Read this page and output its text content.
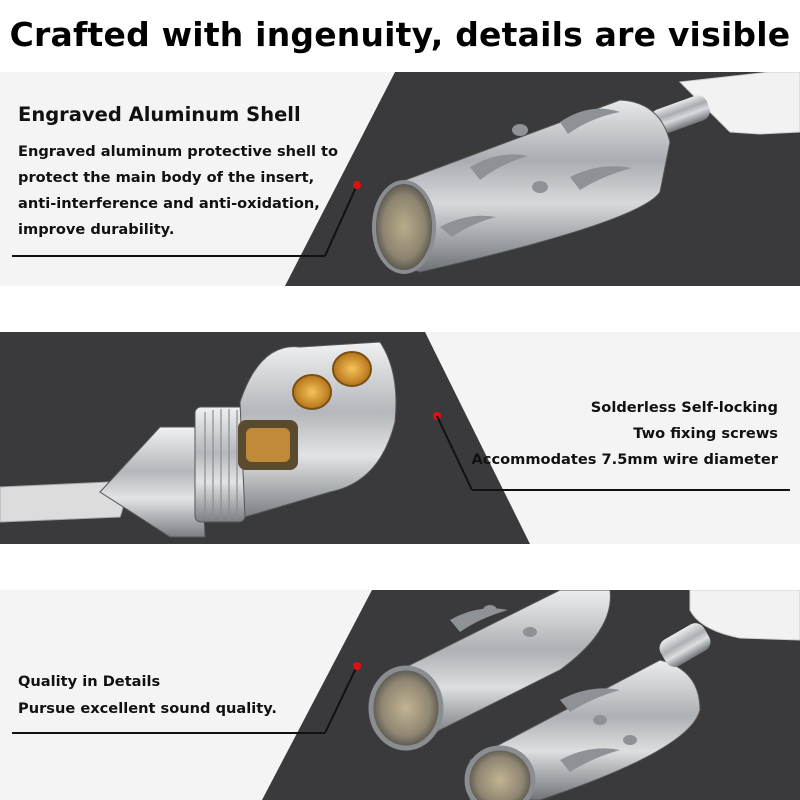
Crafted with ingenuity, details are visible
Engraved Aluminum Shell
Engraved aluminum protective shell to
protect the main body of the insert,
anti-interference and anti-oxidation,
improve durability.
Solderless Self-locking
Two fixing screws
Accommodates 7.5mm wire diameter
Quality in Details
Pursue excellent sound quality.
